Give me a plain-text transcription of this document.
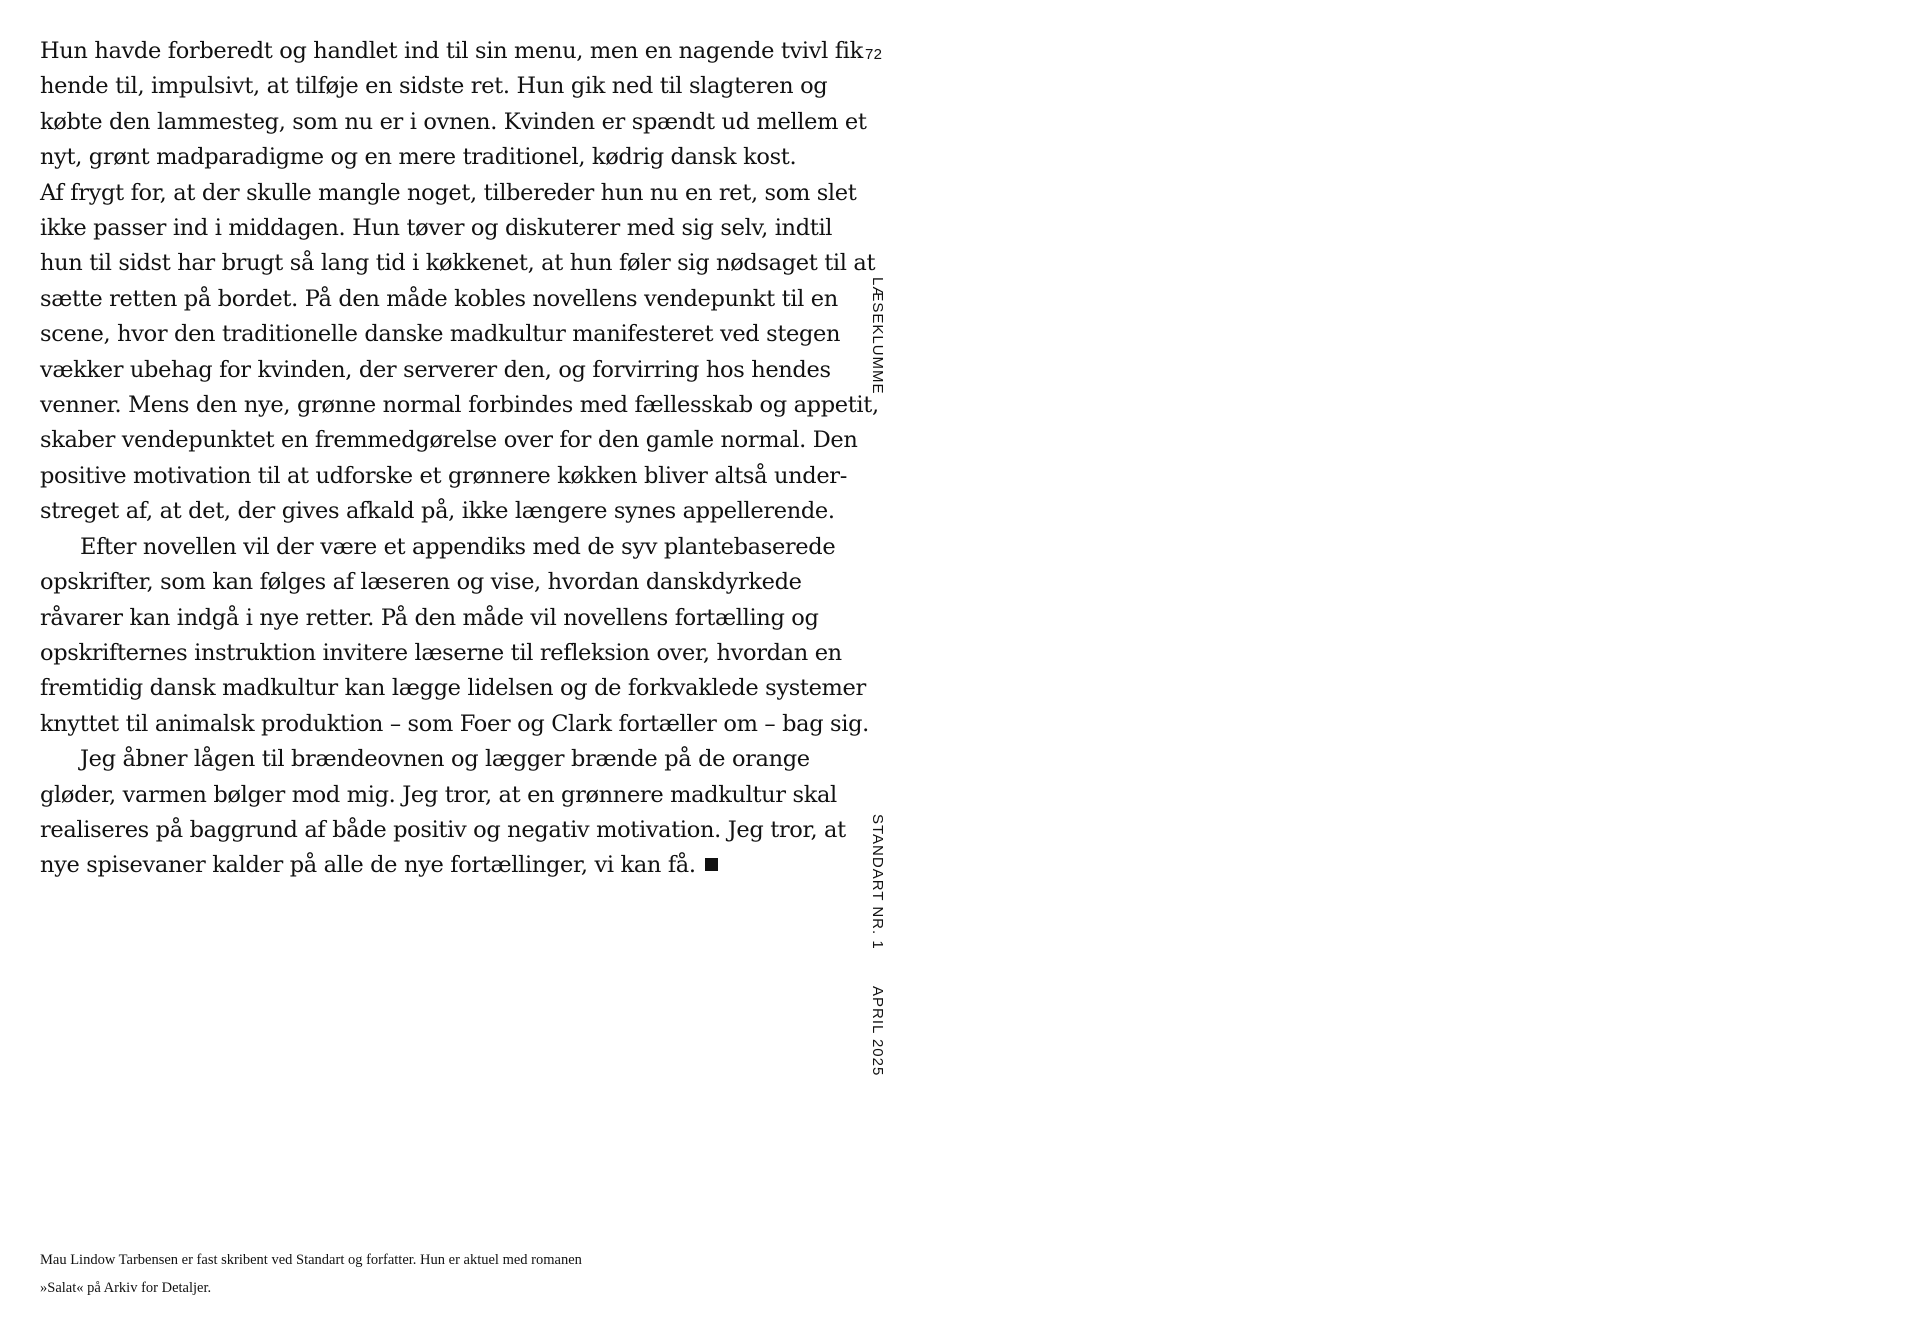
Hun havde forberedt og handlet ind til sin menu, men en nagende tvivl fik
hende til, impulsivt, at tilføje en sidste ret. Hun gik ned til slagteren og
købte den lammesteg, som nu er i ovnen. Kvinden er spændt ud mellem et
nyt, grønt madparadigme og en mere traditionel, kødrig dansk kost.
Af frygt for, at der skulle mangle noget, tilbereder hun nu en ret, som slet
ikke passer ind i middagen. Hun tøver og diskuterer med sig selv, indtil
hun til sidst har brugt så lang tid i køkkenet, at hun føler sig nødsaget til at
sætte retten på bordet. På den måde kobles novellens vendepunkt til en
scene, hvor den traditionelle danske madkultur manifesteret ved stegen
vækker ubehag for kvinden, der serverer den, og forvirring hos hendes
venner. Mens den nye, grønne normal forbindes med fællesskab og appetit,
skaber vendepunktet en fremmedgørelse over for den gamle normal. Den
positive motivation til at udforske et grønnere køkken bliver altså under-
streget af, at det, der gives afkald på, ikke længere synes appellerende.
Efter novellen vil der være et appendiks med de syv plantebaserede
opskrifter, som kan følges af læseren og vise, hvordan danskdyrkede
råvarer kan indgå i nye retter. På den måde vil novellens fortælling og
opskrifternes instruktion invitere læserne til refleksion over, hvordan en
fremtidig dansk madkultur kan lægge lidelsen og de forkvaklede systemer
knyttet til animalsk produktion – som Foer og Clark fortæller om – bag sig.
Jeg åbner lågen til brændeovnen og lægger brænde på de orange
gløder, varmen bølger mod mig. Jeg tror, at en grønnere madkultur skal
realiseres på baggrund af både positiv og negativ motivation. Jeg tror, at
nye spisevaner kalder på alle de nye fortællinger, vi kan få.
72
LÆSEKLUMME
STANDART NR. 1
APRIL 2025
Mau Lindow Tarbensen er fast skribent ved Standart og forfatter. Hun er aktuel med romanen
»Salat« på Arkiv for Detaljer.
